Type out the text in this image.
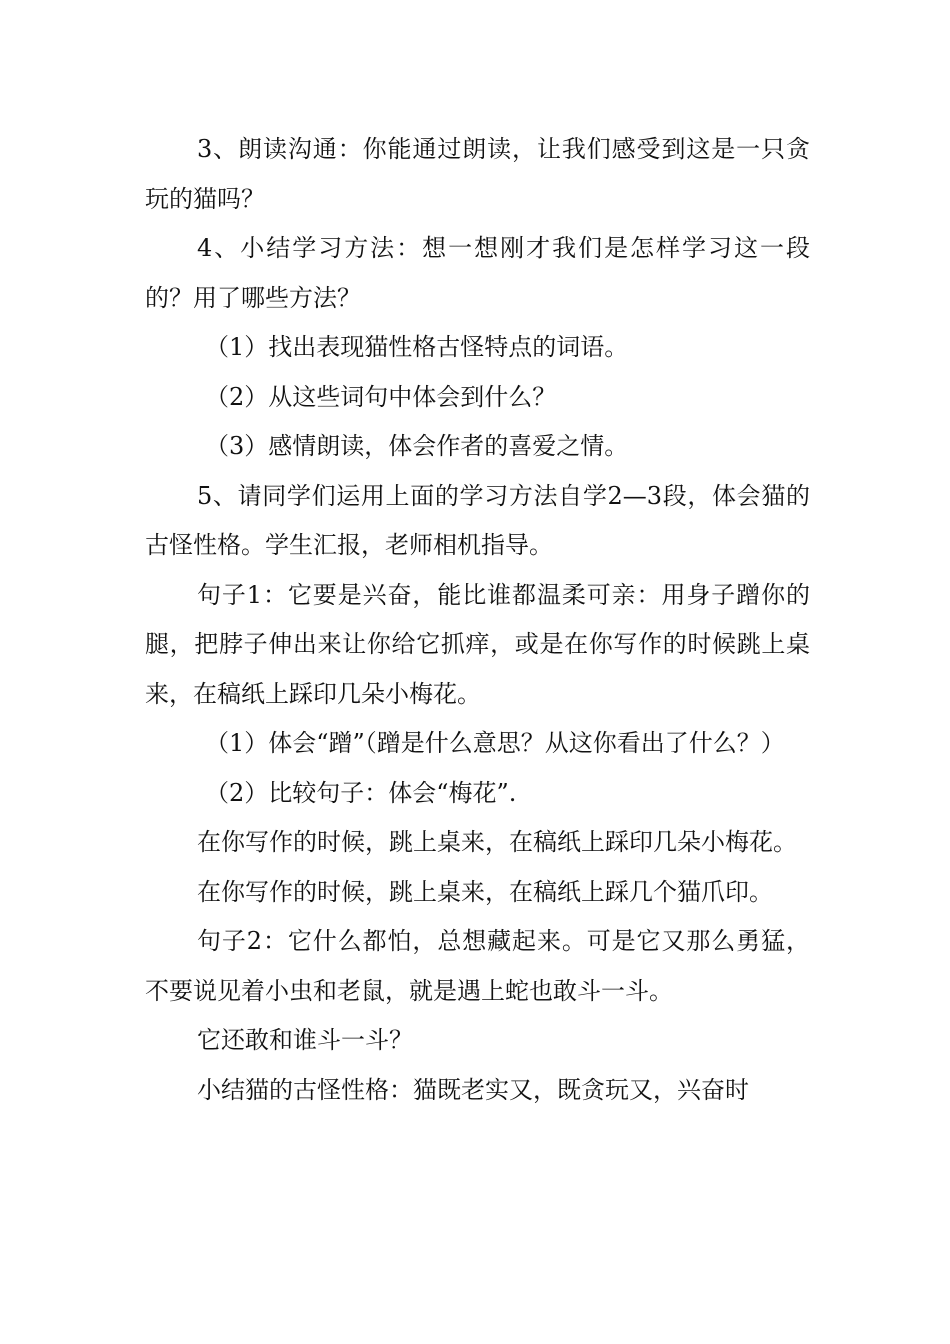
3、朗读沟通：你能通过朗读，让我们感受到这是一只贪玩的猫吗？

4、小结学习方法：想一想刚才我们是怎样学习这一段的？用了哪些方法？

（1）找出表现猫性格古怪特点的词语。

（2）从这些词句中体会到什么？

（3）感情朗读，体会作者的喜爱之情。

5、请同学们运用上面的学习方法自学2—3段，体会猫的古怪性格。学生汇报，老师相机指导。

句子1：它要是兴奋，能比谁都温柔可亲：用身子蹭你的腿，把脖子伸出来让你给它抓痒，或是在你写作的时候跳上桌来，在稿纸上踩印几朵小梅花。

（1）体会“蹭”（蹭是什么意思？从这你看出了什么？）

（2）比较句子：体会“梅花”.

在你写作的时候，跳上桌来，在稿纸上踩印几朵小梅花。

在你写作的时候，跳上桌来，在稿纸上踩几个猫爪印。

句子2：它什么都怕，总想藏起来。可是它又那么勇猛，不要说见着小虫和老鼠，就是遇上蛇也敢斗一斗。

它还敢和谁斗一斗？

小结猫的古怪性格：猫既老实又，既贪玩又，兴奋时
